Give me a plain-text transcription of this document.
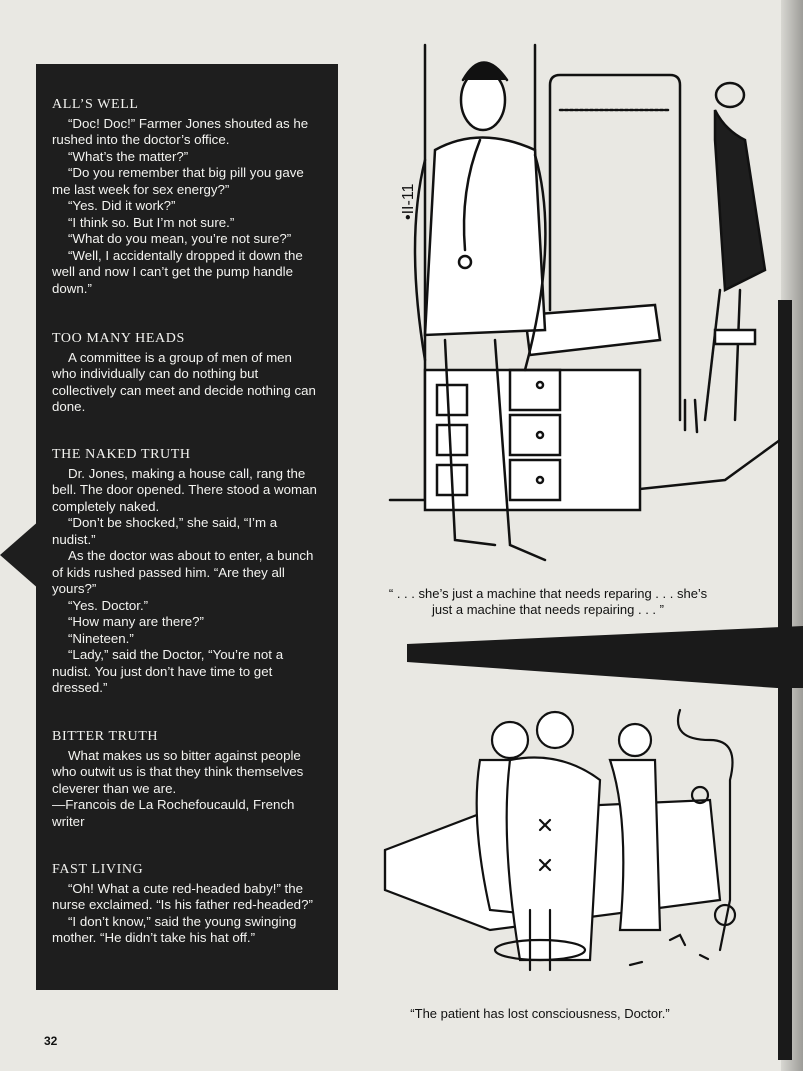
ALL’S WELL

“Doc! Doc!” Farmer Jones shouted as he rushed into the doctor’s office.

“What’s the matter?”

“Do you remember that big pill you gave me last week for sex energy?”

“Yes. Did it work?”

“I think so. But I’m not sure.”

“What do you mean, you’re not sure?”

“Well, I accidentally dropped it down the well and now I can’t get the pump handle down.”

TOO MANY HEADS

A committee is a group of men of men who individually can do nothing but collectively can meet and decide nothing can done.

THE NAKED TRUTH

Dr. Jones, making a house call, rang the bell. The door opened. There stood a woman completely naked.

“Don’t be shocked,” she said, “I’m a nudist.”

As the doctor was about to enter, a bunch of kids rushed passed him. “Are they all yours?”

“Yes. Doctor.”

“How many are there?”

“Nineteen.”

“Lady,” said the Doctor, “You’re not a nudist. You just don’t have time to get dressed.”

BITTER TRUTH

What makes us so bitter against people who outwit us is that they think themselves cleverer than we are.

—Francois de La Rochefoucauld, French writer

FAST LIVING

“Oh! What a cute red-headed baby!” the nurse exclaimed. “Is his father red-headed?”

“I don’t know,” said the young swinging mother. “He didn’t take his hat off.”

•II-11
“ . . . she’s just a machine that needs reparing . . . she’s
just a machine that needs repairing . . . ”
“The patient has lost consciousness, Doctor.”
32
